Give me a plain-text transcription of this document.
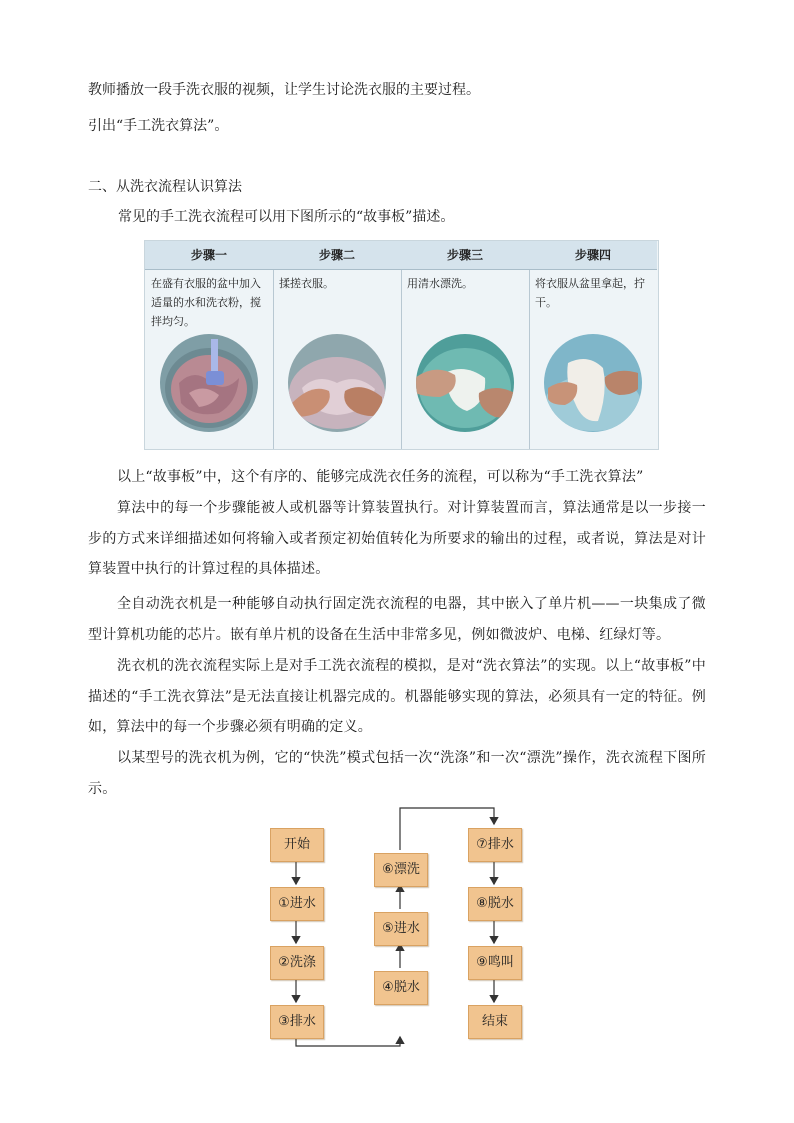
教师播放一段手洗衣服的视频，让学生讨论洗衣服的主要过程。
引出“手工洗衣算法”。
二、从洗衣流程认识算法
常见的手工洗衣流程可以用下图所示的“故事板”描述。
步骤一
在盛有衣服的盆中加入适量的水和洗衣粉，搅拌均匀。
步骤二
揉搓衣服。
步骤三
用清水漂洗。
步骤四
将衣服从盆里拿起，拧干。
以上“故事板”中，这个有序的、能够完成洗衣任务的流程，可以称为“手工洗衣算法”
算法中的每一个步骤能被人或机器等计算装置执行。对计算装置而言，算法通常是以一步接一步的方式来详细描述如何将输入或者预定初始值转化为所要求的输出的过程，或者说，算法是对计算装置中执行的计算过程的具体描述。
全自动洗衣机是一种能够自动执行固定洗衣流程的电器，其中嵌入了单片机——一块集成了微型计算机功能的芯片。嵌有单片机的设备在生活中非常多见，例如微波炉、电梯、红绿灯等。
洗衣机的洗衣流程实际上是对手工洗衣流程的模拟，是对“洗衣算法”的实现。以上“故事板”中描述的“手工洗衣算法”是无法直接让机器完成的。机器能够实现的算法，必须具有一定的特征。例如，算法中的每一个步骤必须有明确的定义。
以某型号的洗衣机为例，它的“快洗”模式包括一次“洗涤”和一次“漂洗”操作，洗衣流程下图所示。
开始
①进水
②洗涤
③排水
④脱水
⑤进水
⑥漂洗
⑦排水
⑧脱水
⑨鸣叫
结束
